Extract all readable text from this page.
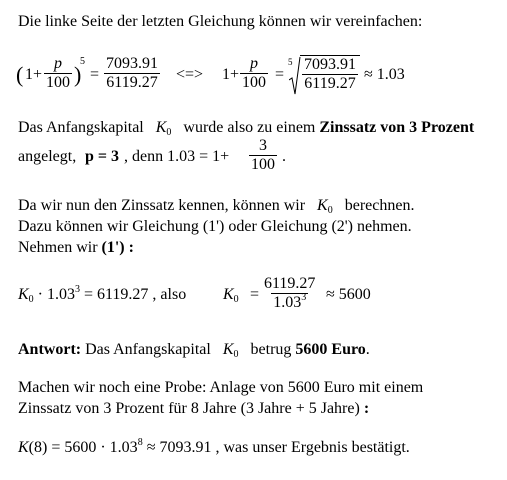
Die linke Seite der letzten Gleichung können wir vereinfachen:
( $1+ \frac{p}{100}$ )
5
= $\frac{7093.91}{6119.27}$ <=> $1+ \frac{p}{100}$ =
$5 \frac{7093.91}{6119.27} \approx 1.03$
Das Anfangskapital $K_0$ wurde also zu einem Zinssatz von 3 Prozent
angelegt, p = 3 , denn $1.03 = 1+ \frac{3}{100}$ .
Da wir nun den Zinssatz kennen, können wir $K_0$ berechnen.
Dazu können wir Gleichung (1') oder Gleichung (2') nehmen.
Nehmen wir (1') :
$K_0 \cdot 1.03^3 = 6119.27$ , also $K_0 = \frac{6119.27}{1.03^3} \approx 5600$
Antwort: Das Anfangskapital $K_0$ betrug 5600 Euro.
Machen wir noch eine Probe: Anlage von 5600 Euro mit einem
Zinssatz von 3 Prozent für 8 Jahre (3 Jahre + 5 Jahre) :
$K(8) = 5600 \cdot 1.03^8 \approx 7093.91$ , was unser Ergebnis bestätigt.
